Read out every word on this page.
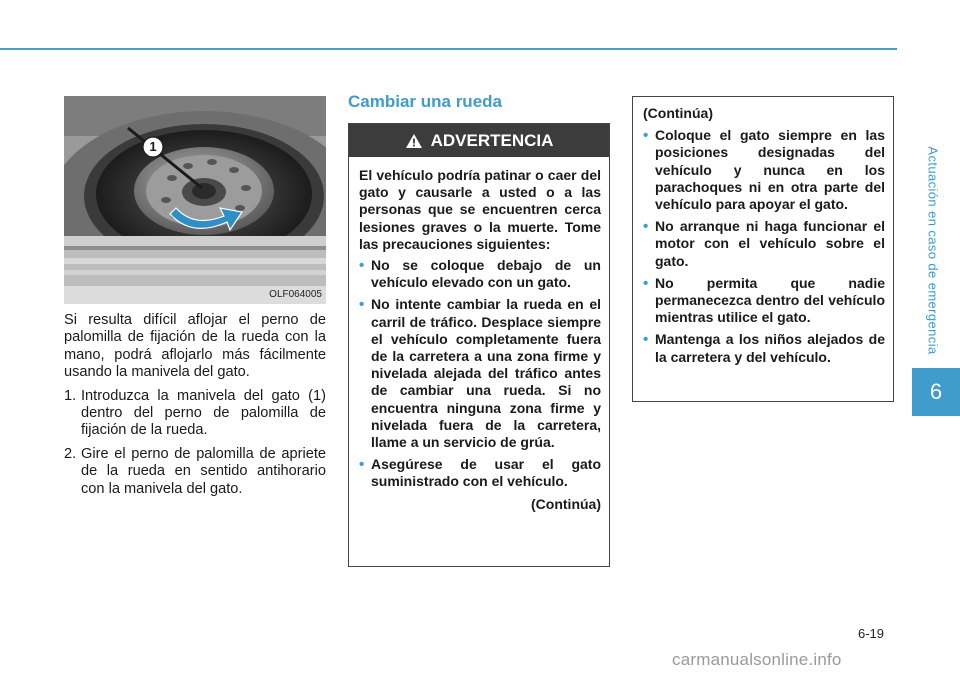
Actuación en caso de emergencia
6
1
OLF064005

Si resulta difícil aflojar el perno de palomilla de fijación de la rueda con la mano, podrá aflojarlo más fácilmente usando la manivela del gato.

1. Introduzca la manivela del gato (1) dentro del perno de palomilla de fijación de la rueda.
2. Gire el perno de palomilla de apriete de la rueda en sentido antihorario con la manivela del gato.
Cambiar una rueda
ADVERTENCIA

El vehículo podría patinar o caer del gato y causarle a usted o a las personas que se encuentren cerca lesiones graves o la muerte. Tome las precauciones siguientes:

• No se coloque debajo de un vehículo elevado con un gato.
• No intente cambiar la rueda en el carril de tráfico. Desplace siempre el vehículo completamente fuera de la carretera a una zona firme y nivelada alejada del tráfico antes de cambiar una rueda. Si no encuentra ninguna zona firme y nivelada fuera de la carretera, llame a un servicio de grúa.
• Asegúrese de usar el gato suministrado con el vehículo.
(Continúa)
(Continúa)
• Coloque el gato siempre en las posiciones designadas del vehículo y nunca en los parachoques ni en otra parte del vehículo para apoyar el gato.
• No arranque ni haga funcionar el motor con el vehículo sobre el gato.
• No permita que nadie permanecezca dentro del vehículo mientras utilice el gato.
• Mantenga a los niños alejados de la carretera y del vehículo.
6-19
carmanualsonline.info
